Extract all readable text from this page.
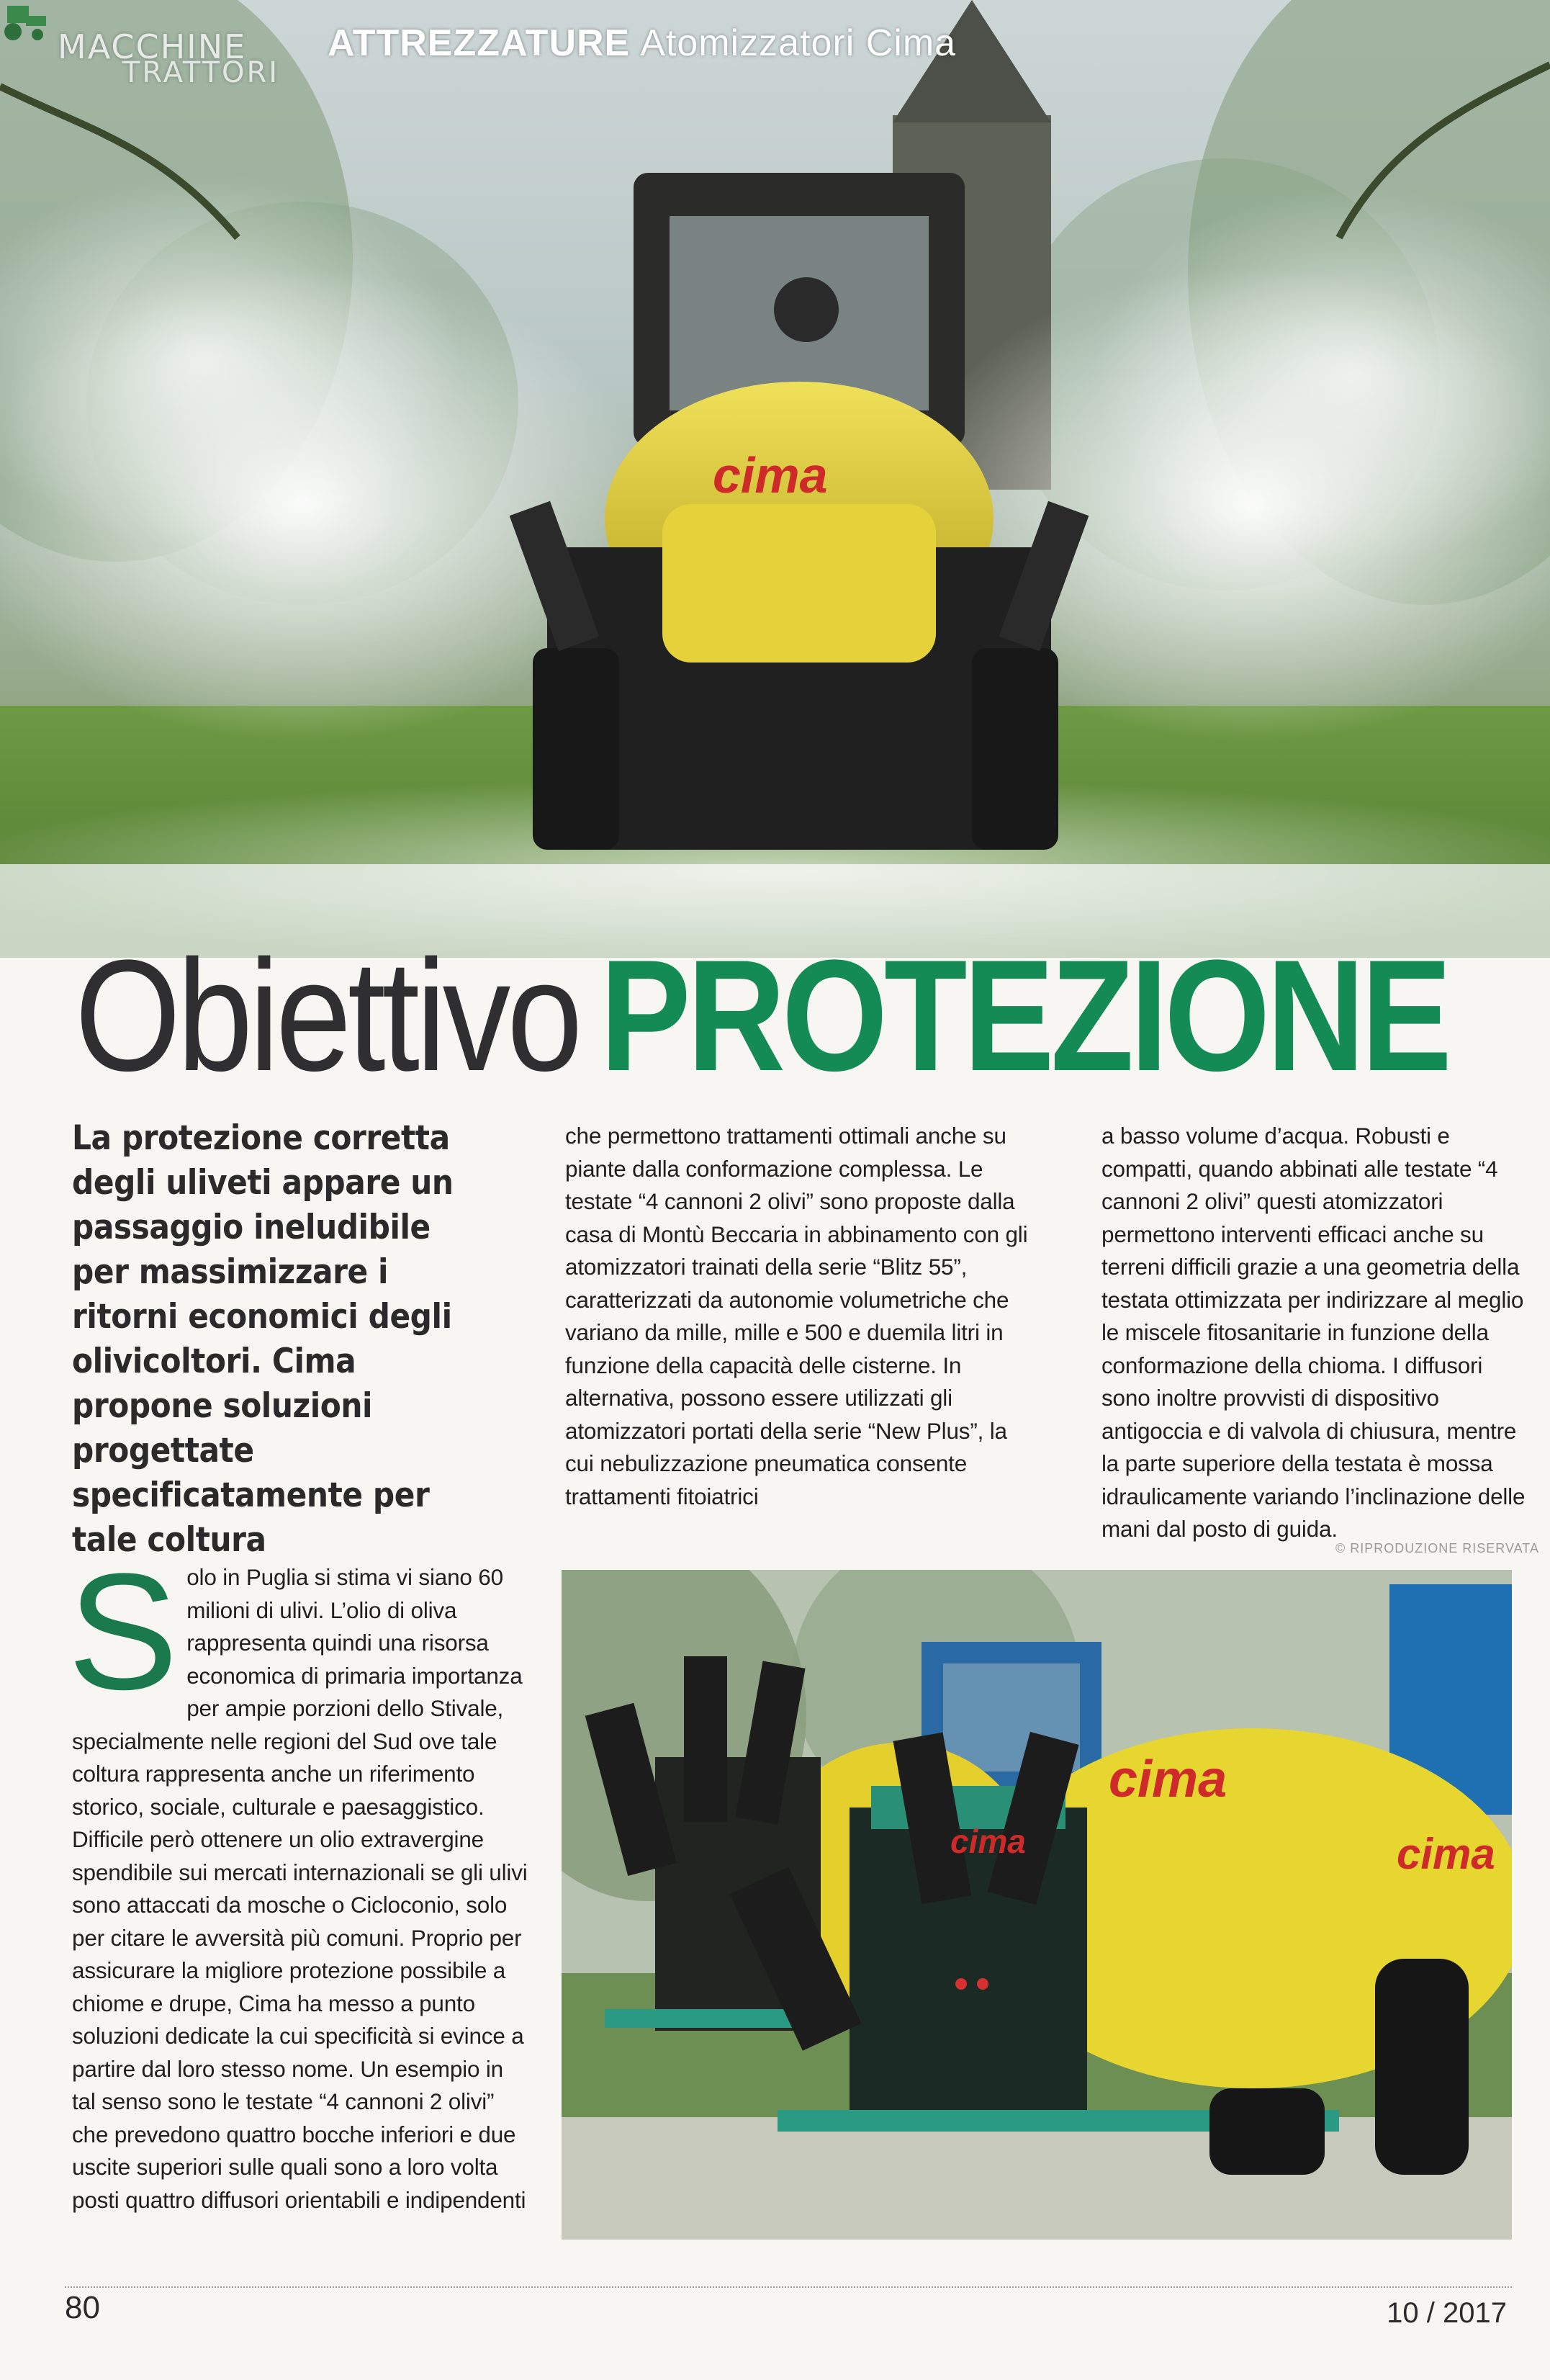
cima
MACCHINE
TRATTORI
ATTREZZATURE Atomizzatori Cima
Obiettivo PROTEZIONE
La protezione corretta degli uliveti appare un passaggio ineludibile per massimizzare i ritorni economici degli olivicoltori. Cima propone soluzioni progettate specificatamente per tale coltura

che permettono trattamenti ottimali anche su piante dalla conformazione complessa. Le testate “4 cannoni 2 olivi” sono proposte dalla casa di Montù Beccaria in abbinamento con gli atomizzatori trainati della serie “Blitz 55”, caratterizzati da autonomie volumetriche che variano da mille, mille e 500 e duemila litri in funzione della capacità delle cisterne. In alternativa, possono essere utilizzati gli atomizzatori portati della serie “New Plus”, la cui nebulizzazione pneumatica consente trattamenti fitoiatrici

a basso volume d’acqua. Robusti e compatti, quando abbinati alle testate “4 cannoni 2 olivi” questi atomizzatori permettono interventi efficaci anche su terreni difficili grazie a una geometria della testata ottimizzata per indirizzare al meglio le miscele fitosanitarie in funzione della conformazione della chioma. I diffusori sono inoltre provvisti di dispositivo antigoccia e di valvola di chiusura, mentre la parte superiore della testata è mossa idraulicamente variando l’inclinazione delle mani dal posto di guida.

© RIPRODUZIONE RISERVATA
S olo in Puglia si stima vi siano 60 milioni di ulivi. L’olio di oliva rappresenta quindi una risorsa economica di primaria importanza per ampie porzioni dello Stivale, specialmente nelle regioni del Sud ove tale coltura rappresenta anche un riferimento storico, sociale, culturale e paesaggistico. Difficile però ottenere un olio extravergine spendibile sui mercati internazionali se gli ulivi sono attaccati da mosche o Cicloconio, solo per citare le avversità più comuni. Proprio per assicurare la migliore protezione possibile a chiome e drupe, Cima ha messo a punto soluzioni dedicate la cui specificità si evince a partire dal loro stesso nome. Un esempio in tal senso sono le testate “4 cannoni 2 olivi” che prevedono quattro bocche inferiori e due uscite superiori sulle quali sono a loro volta posti quattro diffusori orientabili e indipendenti

cima
cima
cima
80	10 / 2017
